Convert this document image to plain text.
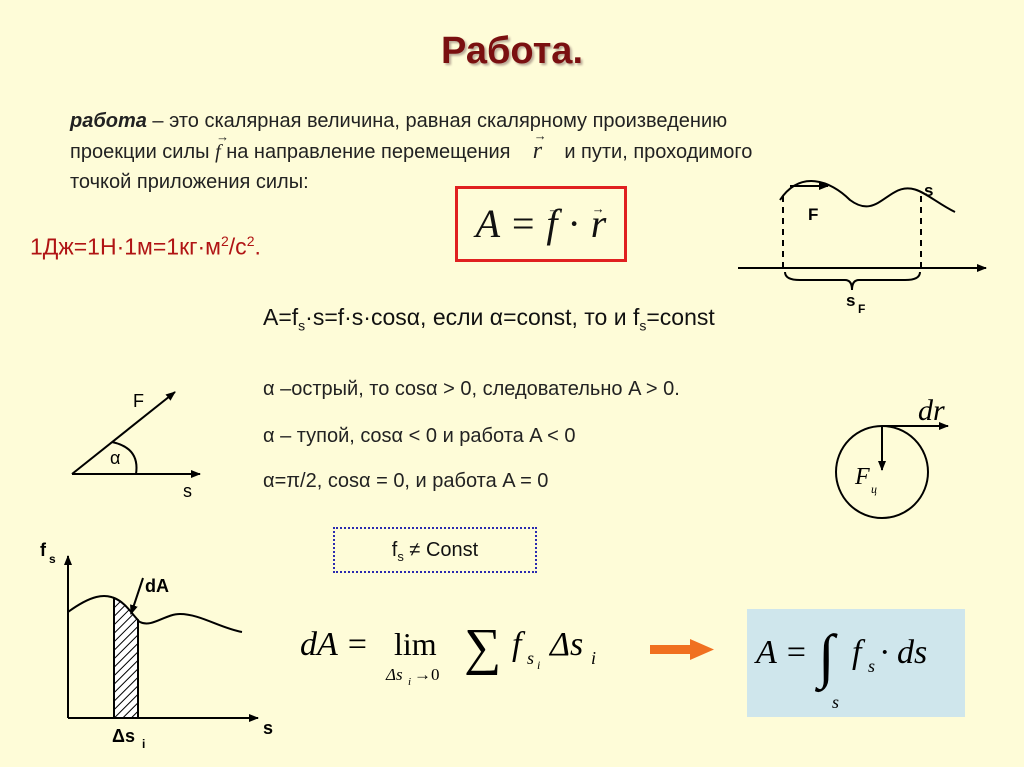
Работа.
работа – это скалярная величина, равная скалярному произведению
проекции силы → f на направление перемещения    → r и пути, проходимого
точкой приложения силы:
$1Дж=1Н\cdot 1м=1кг\cdot м^2/с^2$.
A = → f · → r
$A=f_s\cdot s=f\cdot s\cdot\cos\alpha$, если α=const, то и $f_s=const$
α –острый, то cosα > 0, следовательно A > 0.
α – тупой, cosα < 0 и работа A < 0
α=π/2, cosα = 0, и работа A = 0
$f_s$ ≠ Const
s
F
s F
F
α
s
dr
F ц
f s
s
dA
Δs i
dA = lim
Δs i →0 ∑ f s i
Δs i	A = ∫
s
f s · ds
